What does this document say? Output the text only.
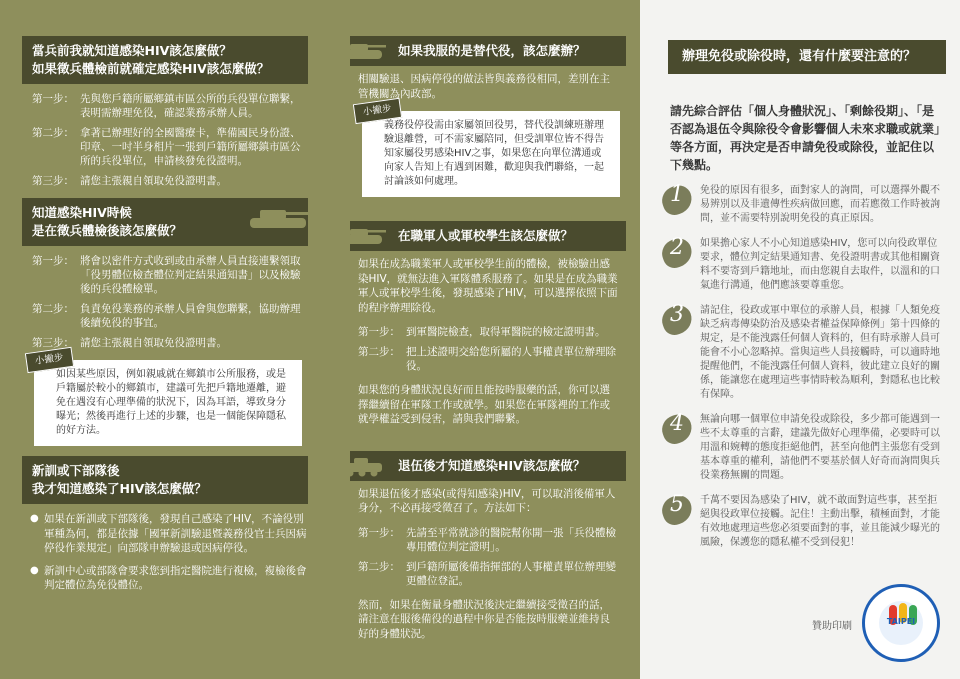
當兵前我就知道感染HIV該怎麼做？
如果徵兵體檢前就確定感染HIV該怎麼做？
第一步： 先與您戶籍所屬鄉鎮市區公所的兵役單位聯繫，表明需辦理免役，確認業務承辦人員。
第二步： 拿著已辦理好的全國醫療卡，準備國民身份證、印章、一吋半身相片一張到戶籍所屬鄉鎮市區公所的兵役單位，申請核發免役證明。
第三步： 請您主張親自領取免役證明書。
知道感染HIV時候
是在徵兵體檢後該怎麼做？
第一步： 將會以密件方式收到或由承辦人員直接連繫領取「役男體位檢查體位判定結果通知書」以及檢驗後的兵役體檢單。
第二步： 負責免役業務的承辦人員會與您聯繫，協助辦理後續免役的事宜。
第三步： 請您主張親自領取免役證明書。
小撇步
如因某些原因，例如親戚就在鄉鎮市公所服務，或是戶籍屬於較小的鄉鎮市，建議可先把戶籍地遷離，避免在遇沒有心理準備的狀況下，因為耳語，導致身分曝光；然後再進行上述的步驟，也是一個能保障隱私的好方法。
新訓或下部隊後
我才知道感染了HIV該怎麼做？
● 如果在新訓或下部隊後，發現自己感染了HIV，不論役別軍種為何，都是依據「國軍新訓驗退暨義務役官士兵因病停役作業規定」向部隊申辦驗退或因病停役。
● 新訓中心或部隊會要求您到指定醫院進行複檢，複檢後會判定體位為免役體位。
如果我服的是替代役，該怎麼辦？
相關驗退、因病停役的做法皆與義務役相同，差別在主管機關為內政部。
小撇步
義務役停役需由家屬領回役男，替代役訓練班辦理驗退離營，可不需家屬陪同，但受訓單位皆不得告知家屬役男感染HIV之事，如果您在向單位溝通或向家人告知上有遇到困難，歡迎與我們聯絡，一起討論該如何處理。
在職軍人或軍校學生該怎麼做？
如果在成為職業軍人或軍校學生前的體檢，被檢驗出感染HIV，就無法進入軍隊體系服務了。如果是在成為職業軍人或軍校學生後，發現感染了HIV，可以選擇依照下面的程序辦理除役。
第一步： 到軍醫院檢查，取得軍醫院的檢定證明書。
第二步： 把上述證明交給您所屬的人事權責單位辦理除役。
如果您的身體狀況良好而且能按時服藥的話，你可以選擇繼續留在軍隊工作或就學。如果您在軍隊裡的工作或就學權益受到侵害，請與我們聯繫。
退伍後才知道感染HIV該怎麼做？
如果退伍後才感染(或得知感染)HIV，可以取消後備軍人身分，不必再接受徵召了。方法如下：
第一步： 先請至平常就診的醫院幫你開一張「兵役體檢專用體位判定證明」。
第二步： 到戶籍所屬後備指揮部的人事權責單位辦理變更體位登記。
然而，如果在衡量身體狀況後決定繼續接受徵召的話，請注意在服後備役的過程中你是否能按時服藥並維持良好的身體狀況。
辦理免役或除役時，還有什麼要注意的？
請先綜合評估「個人身體狀況」、「剩餘役期」、「是否認為退伍令與除役令會影響個人未來求職或就業」等各方面，再決定是否申請免役或除役，並記住以下幾點。
1 免役的原因有很多，面對家人的詢問，可以選擇外觀不易辨別以及非遺傳性疾病做回應，而若應徵工作時被詢問，並不需要特別說明免役的真正原因。
2 如果擔心家人不小心知道感染HIV，您可以向役政單位要求，體位判定結果通知書、免役證明書或其他相關資料不要寄到戶籍地址，而由您親自去取件，以溫和的口氣進行溝通，他們應該要尊重您。
3 請記住，役政或軍中單位的承辦人員，根據「人類免疫缺乏病毒傳染防治及感染者權益保障條例」第十四條的規定，是不能洩露任何個人資料的，但有時承辦人員可能會不小心忽略掉。當與這些人員接觸時，可以適時地提醒他們，不能洩露任何個人資料，彼此建立良好的關係，能讓您在處理這些事情時較為順利，對隱私也比較有保障。
4 無論向哪一個單位申請免役或除役，多少都可能遇到一些不太尊重的言辭，建議先做好心理準備，必要時可以用溫和婉轉的態度拒絕他們，甚至向他們主張您有受到基本尊重的權利，請他們不要基於個人好奇而詢問與兵役業務無關的問題。
5 千萬不要因為感染了HIV，就不敢面對這些事，甚至拒絕與役政單位接觸。記住！主動出擊，積極面對，才能有效地處理這些您必須要面對的事，並且能減少曝光的風險，保護您的隱私權不受到侵犯！
贊助印刷	TAIPEI
